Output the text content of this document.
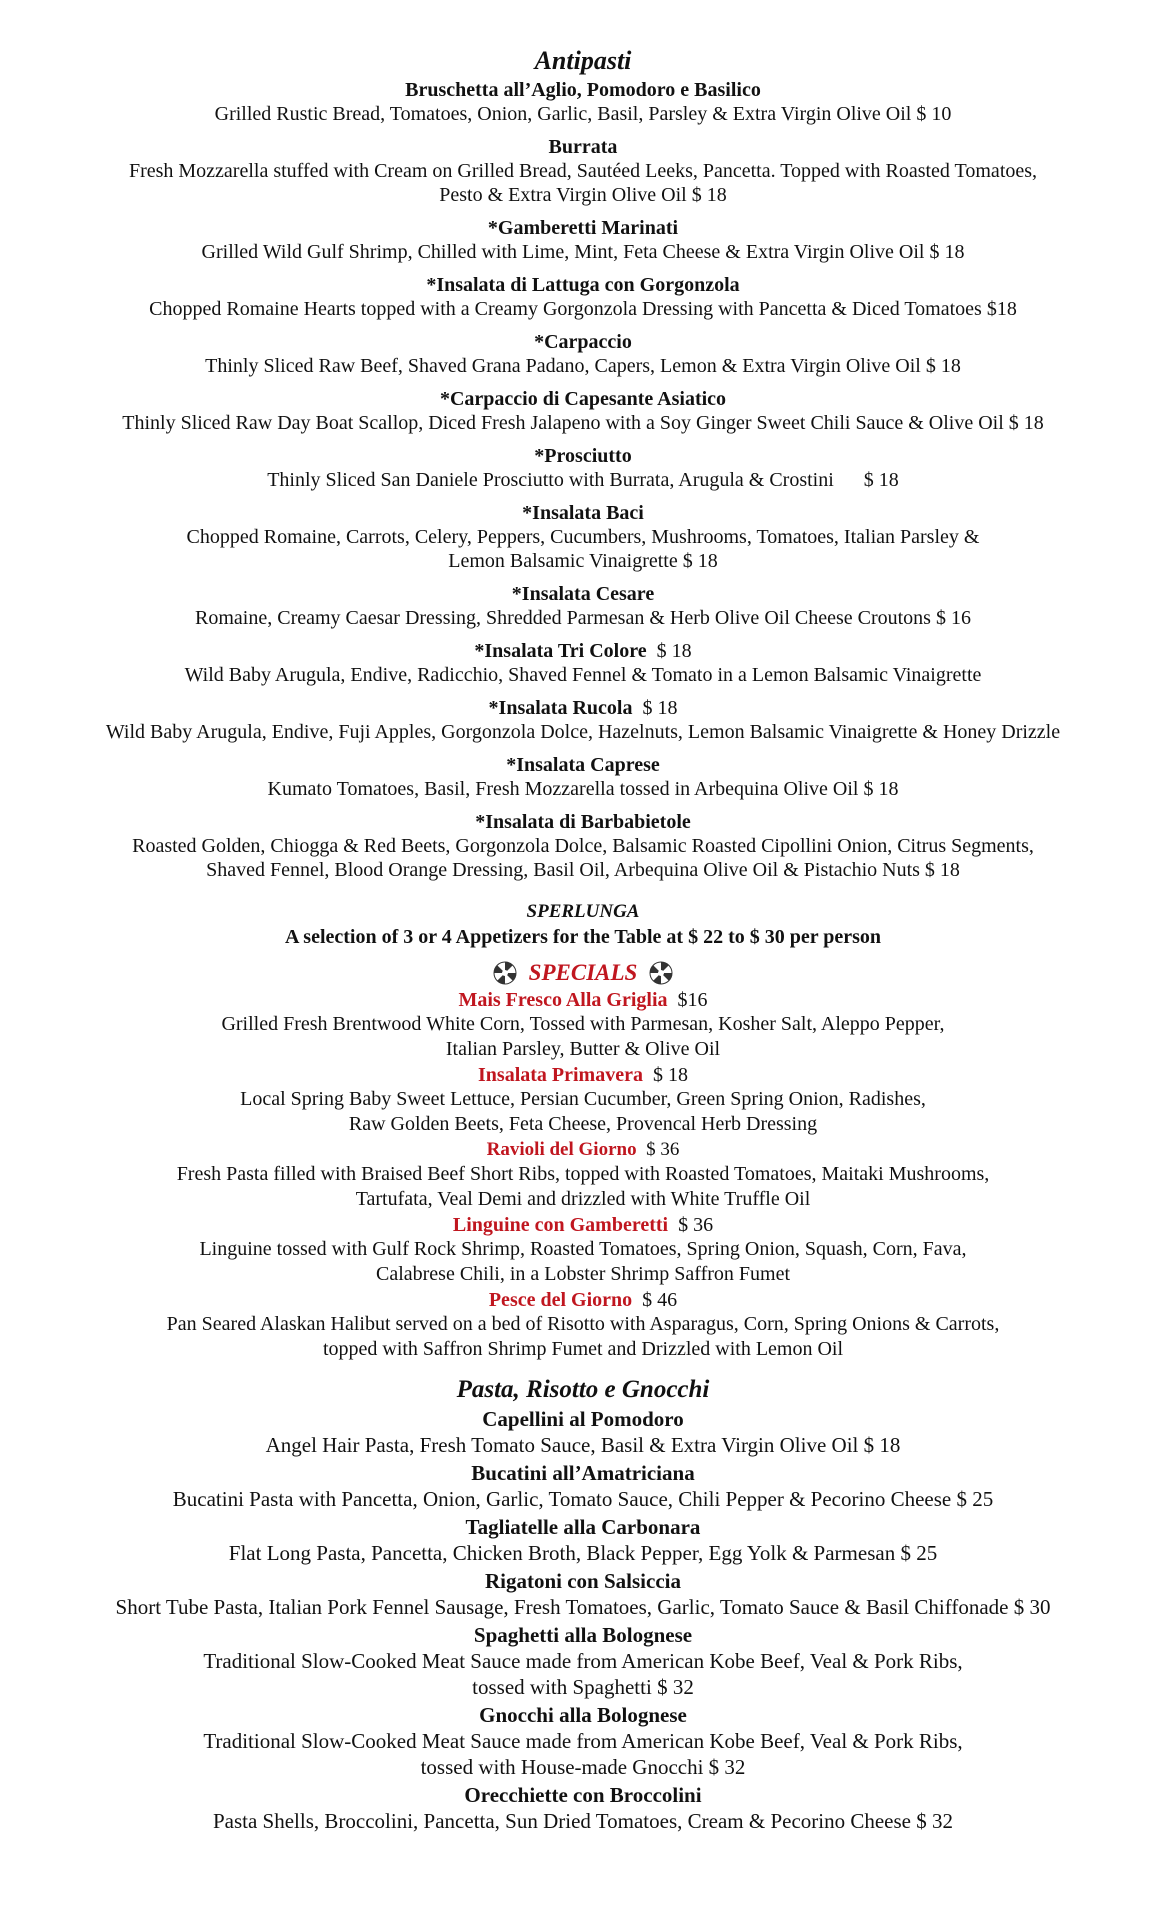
Antipasti
Bruschetta all’Aglio, Pomodoro e Basilico
Grilled Rustic Bread, Tomatoes, Onion, Garlic, Basil, Parsley & Extra Virgin Olive Oil $ 10
Burrata
Fresh Mozzarella stuffed with Cream on Grilled Bread, Sautéed Leeks, Pancetta. Topped with Roasted Tomatoes,
Pesto & Extra Virgin Olive Oil $ 18
*Gamberetti Marinati
Grilled Wild Gulf Shrimp, Chilled with Lime, Mint, Feta Cheese & Extra Virgin Olive Oil $ 18
*Insalata di Lattuga con Gorgonzola
Chopped Romaine Hearts topped with a Creamy Gorgonzola Dressing with Pancetta & Diced Tomatoes $18
*Carpaccio
Thinly Sliced Raw Beef, Shaved Grana Padano, Capers, Lemon & Extra Virgin Olive Oil $ 18
*Carpaccio di Capesante Asiatico
Thinly Sliced Raw Day Boat Scallop, Diced Fresh Jalapeno with a Soy Ginger Sweet Chili Sauce & Olive Oil $ 18
*Prosciutto
Thinly Sliced San Daniele Prosciutto with Burrata, Arugula & Crostini      $ 18
*Insalata Baci
Chopped Romaine, Carrots, Celery, Peppers, Cucumbers, Mushrooms, Tomatoes, Italian Parsley &
Lemon Balsamic Vinaigrette $ 18
*Insalata Cesare
Romaine, Creamy Caesar Dressing, Shredded Parmesan & Herb Olive Oil Cheese Croutons $ 16
*Insalata Tri Colore $ 18
Wild Baby Arugula, Endive, Radicchio, Shaved Fennel & Tomato in a Lemon Balsamic Vinaigrette
*Insalata Rucola $ 18
Wild Baby Arugula, Endive, Fuji Apples, Gorgonzola Dolce, Hazelnuts, Lemon Balsamic Vinaigrette & Honey Drizzle
*Insalata Caprese
Kumato Tomatoes, Basil, Fresh Mozzarella tossed in Arbequina Olive Oil $ 18
*Insalata di Barbabietole
Roasted Golden, Chiogga & Red Beets, Gorgonzola Dolce, Balsamic Roasted Cipollini Onion, Citrus Segments,
Shaved Fennel, Blood Orange Dressing, Basil Oil, Arbequina Olive Oil & Pistachio Nuts $ 18
SPERLUNGA
A selection of 3 or 4 Appetizers for the Table at $ 22 to $ 30 per person
SPECIALS
Mais Fresco Alla Griglia $16
Grilled Fresh Brentwood White Corn, Tossed with Parmesan, Kosher Salt, Aleppo Pepper,
Italian Parsley, Butter & Olive Oil
Insalata Primavera $ 18
Local Spring Baby Sweet Lettuce, Persian Cucumber, Green Spring Onion, Radishes,
Raw Golden Beets, Feta Cheese, Provencal Herb Dressing
Ravioli del Giorno $ 36
Fresh Pasta filled with Braised Beef Short Ribs, topped with Roasted Tomatoes, Maitaki Mushrooms,
Tartufata, Veal Demi and drizzled with White Truffle Oil
Linguine con Gamberetti $ 36
Linguine tossed with Gulf Rock Shrimp, Roasted Tomatoes, Spring Onion, Squash, Corn, Fava,
Calabrese Chili, in a Lobster Shrimp Saffron Fumet
Pesce del Giorno $ 46
Pan Seared Alaskan Halibut served on a bed of Risotto with Asparagus, Corn, Spring Onions & Carrots,
topped with Saffron Shrimp Fumet and Drizzled with Lemon Oil
Pasta, Risotto e Gnocchi
Capellini al Pomodoro
Angel Hair Pasta, Fresh Tomato Sauce, Basil & Extra Virgin Olive Oil $ 18
Bucatini all’Amatriciana
Bucatini Pasta with Pancetta, Onion, Garlic, Tomato Sauce, Chili Pepper & Pecorino Cheese $ 25
Tagliatelle alla Carbonara
Flat Long Pasta, Pancetta, Chicken Broth, Black Pepper, Egg Yolk & Parmesan $ 25
Rigatoni con Salsiccia
Short Tube Pasta, Italian Pork Fennel Sausage, Fresh Tomatoes, Garlic, Tomato Sauce & Basil Chiffonade $ 30
Spaghetti alla Bolognese
Traditional Slow-Cooked Meat Sauce made from American Kobe Beef, Veal & Pork Ribs,
tossed with Spaghetti $ 32
Gnocchi alla Bolognese
Traditional Slow-Cooked Meat Sauce made from American Kobe Beef, Veal & Pork Ribs,
tossed with House-made Gnocchi $ 32
Orecchiette con Broccolini
Pasta Shells, Broccolini, Pancetta, Sun Dried Tomatoes, Cream & Pecorino Cheese $ 32
